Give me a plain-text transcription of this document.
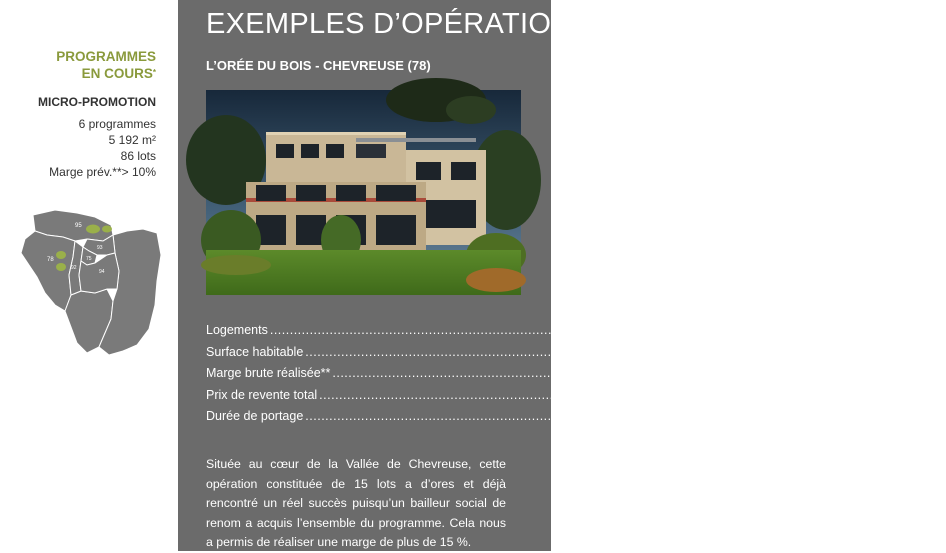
PROGRAMMES
EN COURS*
MICRO-PROMOTION
6 programmes
5 192 m²
86 lots
Marge prév.**> 10%
95
78
93
75
92
94
EXEMPLES D’OPÉRATIONS
L’ORÉE DU BOIS - CHEVREUSE (78)
Logements .....	15
Surface habitable .....	880 m²
Marge brute réalisée** .....	15,5 %
Prix de revente total .....	2,5 M d’€
Durée de portage .....	12 mois
Située au cœur de la Vallée de Chevreuse, cette opération constituée de 15 lots a d’ores et déjà rencontré un réel succès puisqu’un bailleur social de renom a acquis l’ensemble du programme. Cela nous a permis de réaliser une marge de plus de 15 %.
